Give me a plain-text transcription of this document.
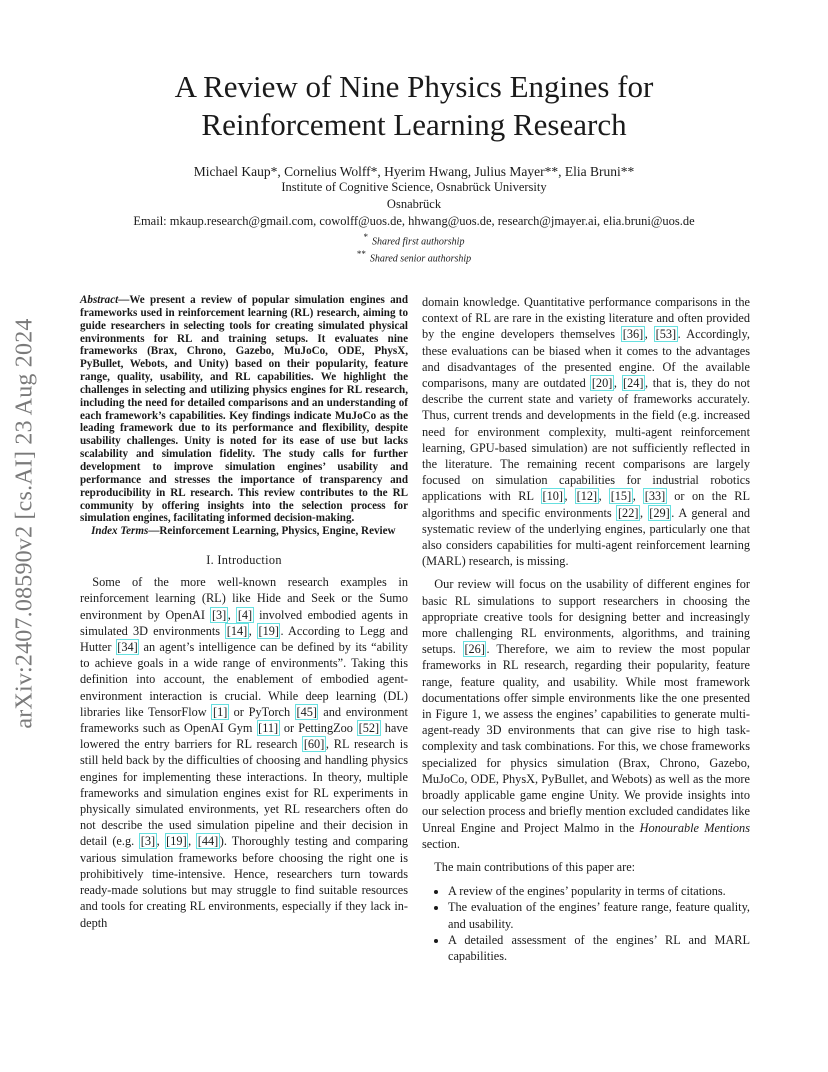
A Review of Nine Physics Engines for
Reinforcement Learning Research
Michael Kaup*, Cornelius Wolff*, Hyerim Hwang, Julius Mayer**, Elia Bruni**
Institute of Cognitive Science, Osnabrück University
Osnabrück
Email: mkaup.research@gmail.com, cowolff@uos.de, hhwang@uos.de, research@jmayer.ai, elia.bruni@uos.de
* Shared first authorship
** Shared senior authorship
arXiv:2407.08590v2 [cs.AI] 23 Aug 2024
Abstract—We present a review of popular simulation engines and frameworks used in reinforcement learning (RL) research, aiming to guide researchers in selecting tools for creating simulated physical environments for RL and training setups. It evaluates nine frameworks (Brax, Chrono, Gazebo, MuJoCo, ODE, PhysX, PyBullet, Webots, and Unity) based on their popularity, feature range, quality, usability, and RL capabilities. We highlight the challenges in selecting and utilizing physics engines for RL research, including the need for detailed comparisons and an understanding of each framework’s capabilities. Key findings indicate MuJoCo as the leading framework due to its performance and flexibility, despite usability challenges. Unity is noted for its ease of use but lacks scalability and simulation fidelity. The study calls for further development to improve simulation engines’ usability and performance and stresses the importance of transparency and reproducibility in RL research. This review contributes to the RL community by offering insights into the selection process for simulation engines, facilitating informed decision-making.
Index Terms—Reinforcement Learning, Physics, Engine, Review
I. Introduction

Some of the more well-known research examples in reinforcement learning (RL) like Hide and Seek or the Sumo environment by OpenAI [3] , [4] involved embodied agents in simulated 3D environments [14] , [19] . According to Legg and Hutter [34] an agent’s intelligence can be defined by its “ability to achieve goals in a wide range of environments”. Taking this definition into account, the enablement of embodied agent-environment interaction is crucial. While deep learning (DL) libraries like TensorFlow [1] or PyTorch [45] and environment frameworks such as OpenAI Gym [11] or PettingZoo [52] have lowered the entry barriers for RL research [60] , RL research is still held back by the difficulties of choosing and handling physics engines for implementing these interactions. In theory, multiple frameworks and simulation engines exist for RL experiments in physically simulated environments, yet RL researchers often do not describe the used simulation pipeline and their decision in detail (e.g. [3] , [19] , [44] ). Thoroughly testing and comparing various simulation frameworks before choosing the right one is prohibitively time-intensive. Hence, researchers turn towards ready-made solutions but may struggle to find suitable resources and tools for creating RL environments, especially if they lack in-depth

domain knowledge. Quantitative performance comparisons in the context of RL are rare in the existing literature and often provided by the engine developers themselves [36] , [53] . Accordingly, these evaluations can be biased when it comes to the advantages and disadvantages of the presented engine. Of the available comparisons, many are outdated [20] , [24] , that is, they do not describe the current state and variety of frameworks accurately. Thus, current trends and developments in the field (e.g. increased need for environment complexity, multi-agent reinforcement learning, GPU-based simulation) are not sufficiently reflected in the literature. The remaining recent comparisons are largely focused on simulation capabilities for industrial robotics applications with RL [10] , [12] , [15] , [33] or on the RL algorithms and specific environments [22] , [29] . A general and systematic review of the underlying engines, particularly one that also considers capabilities for multi-agent reinforcement learning (MARL) research, is missing.

Our review will focus on the usability of different engines for basic RL simulations to support researchers in choosing the appropriate creative tools for designing better and increasingly more challenging RL environments, algorithms, and training setups. [26] . Therefore, we aim to review the most popular frameworks in RL research, regarding their popularity, feature range, feature quality, and usability. While most framework documentations offer simple environments like the one presented in Figure 1, we assess the engines’ capabilities to generate multi-agent-ready 3D environments that can give rise to high task-complexity and task combinations. For this, we chose frameworks specialized for physics simulation (Brax, Chrono, Gazebo, MuJoCo, ODE, PhysX, PyBullet, and Webots) as well as the more broadly applicable game engine Unity. We provide insights into our selection process and briefly mention excluded candidates like Unreal Engine and Project Malmo in the Honourable Mentions section.

The main contributions of this paper are:

• A review of the engines’ popularity in terms of citations.
• The evaluation of the engines’ feature range, feature quality, and usability.
• A detailed assessment of the engines’ RL and MARL capabilities.
